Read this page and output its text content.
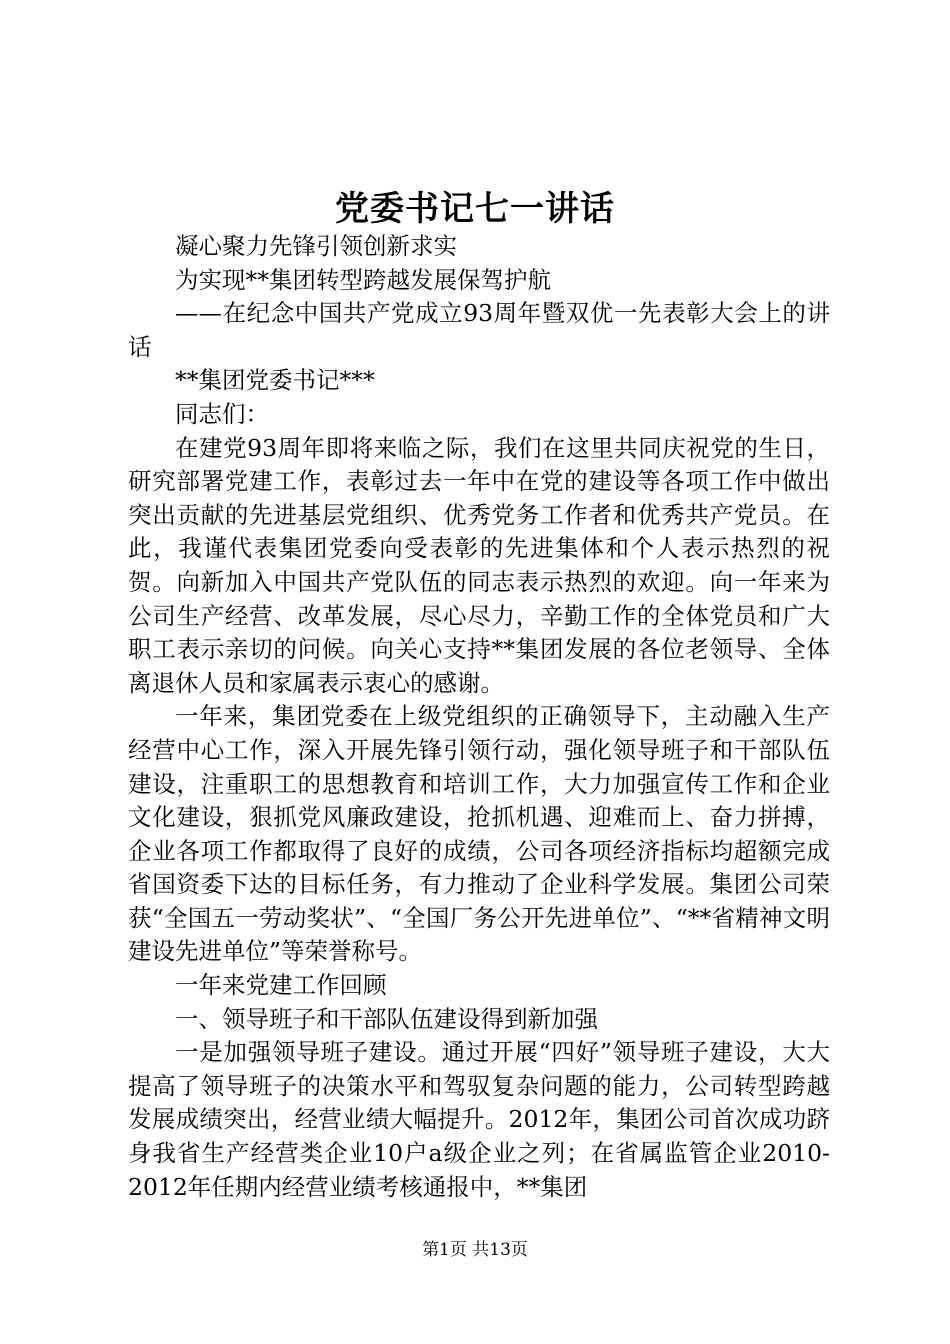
党委书记七一讲话

凝心聚力先锋引领创新求实

为实现**集团转型跨越发展保驾护航

——在纪念中国共产党成立93周年暨双优一先表彰大会上的讲话

**集团党委书记***

同志们：

在建党93周年即将来临之际，我们在这里共同庆祝党的生日，研究部署党建工作，表彰过去一年中在党的建设等各项工作中做出突出贡献的先进基层党组织、优秀党务工作者和优秀共产党员。在此，我谨代表集团党委向受表彰的先进集体和个人表示热烈的祝贺。向新加入中国共产党队伍的同志表示热烈的欢迎。向一年来为公司生产经营、改革发展，尽心尽力，辛勤工作的全体党员和广大职工表示亲切的问候。向关心支持**集团发展的各位老领导、全体离退休人员和家属表示衷心的感谢。

一年来，集团党委在上级党组织的正确领导下，主动融入生产经营中心工作，深入开展先锋引领行动，强化领导班子和干部队伍建设，注重职工的思想教育和培训工作，大力加强宣传工作和企业文化建设，狠抓党风廉政建设，抢抓机遇、迎难而上、奋力拼搏，企业各项工作都取得了良好的成绩，公司各项经济指标均超额完成省国资委下达的目标任务，有力推动了企业科学发展。集团公司荣获“全国五一劳动奖状”、“全国厂务公开先进单位”、“**省精神文明建设先进单位”等荣誉称号。

一年来党建工作回顾

一、领导班子和干部队伍建设得到新加强

一是加强领导班子建设。通过开展“四好”领导班子建设，大大提高了领导班子的决策水平和驾驭复杂问题的能力，公司转型跨越发展成绩突出，经营业绩大幅提升。2012年，集团公司首次成功跻身我省生产经营类企业10户a级企业之列；在省属监管企业2010-2012年任期内经营业绩考核通报中，**集团

第1页 共13页
